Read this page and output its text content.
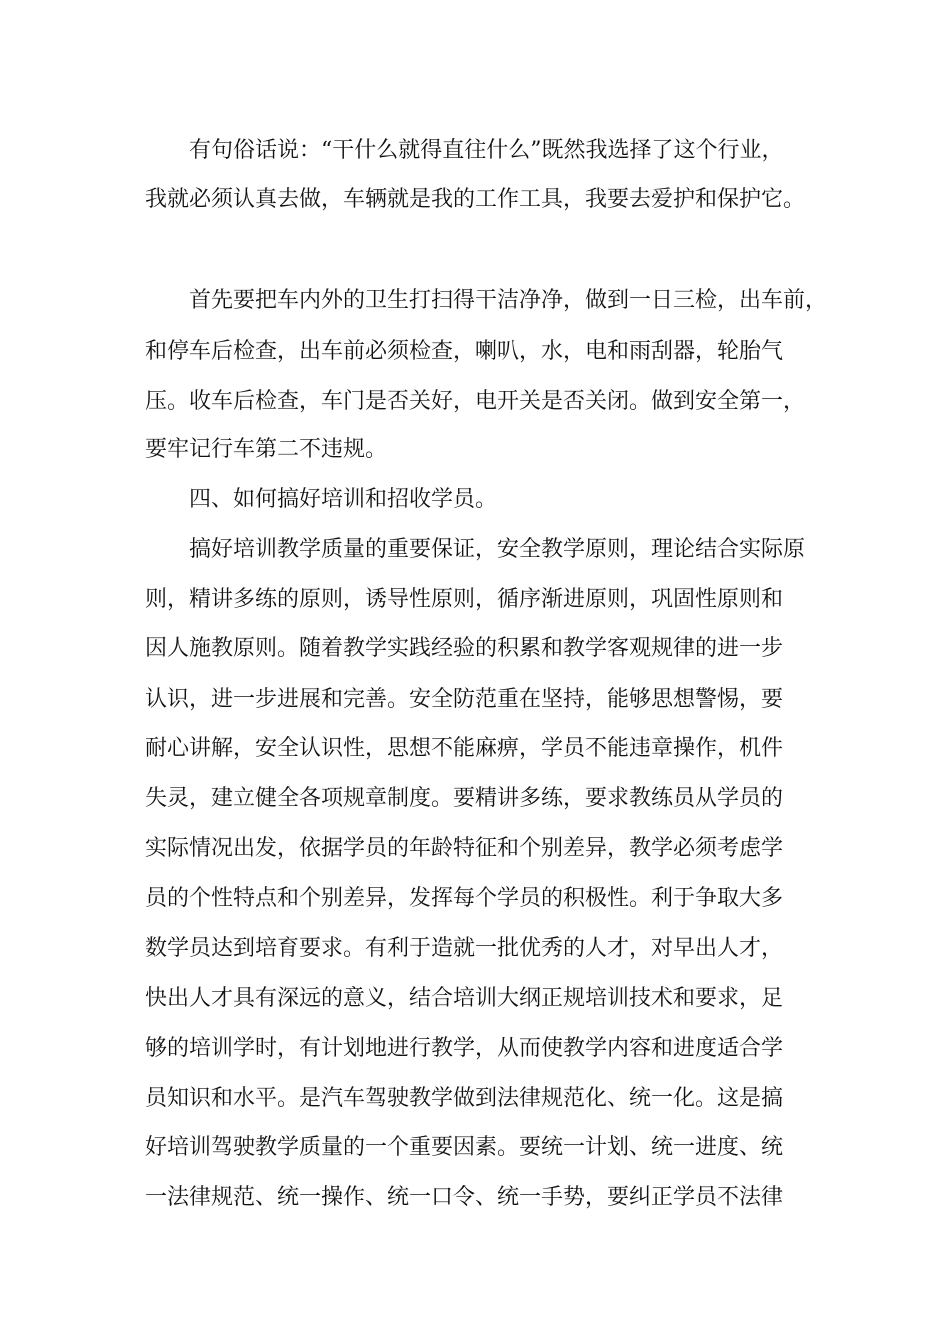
　　有句俗话说：“干什么就得直往什么”既然我选择了这个行业，
我就必须认真去做，车辆就是我的工作工具，我要去爱护和保护它。
　　首先要把车内外的卫生打扫得干洁净净，做到一日三检，出车前，
和停车后检查，出车前必须检查，喇叭，水，电和雨刮器，轮胎气
压。收车后检查，车门是否关好，电开关是否关闭。做到安全第一，
要牢记行车第二不违规。
　　四、如何搞好培训和招收学员。
　　搞好培训教学质量的重要保证，安全教学原则，理论结合实际原
则，精讲多练的原则，诱导性原则，循序渐进原则，巩固性原则和
因人施教原则。随着教学实践经验的积累和教学客观规律的进一步
认识，进一步进展和完善。安全防范重在坚持，能够思想警惕，要
耐心讲解，安全认识性，思想不能麻痹，学员不能违章操作，机件
失灵，建立健全各项规章制度。要精讲多练，要求教练员从学员的
实际情况出发，依据学员的年龄特征和个别差异，教学必须考虑学
员的个性特点和个别差异，发挥每个学员的积极性。利于争取大多
数学员达到培育要求。有利于造就一批优秀的人才，对早出人才，
快出人才具有深远的意义，结合培训大纲正规培训技术和要求，足
够的培训学时，有计划地进行教学，从而使教学内容和进度适合学
员知识和水平。是汽车驾驶教学做到法律规范化、统一化。这是搞
好培训驾驶教学质量的一个重要因素。要统一计划、统一进度、统
一法律规范、统一操作、统一口令、统一手势，要纠正学员不法律
